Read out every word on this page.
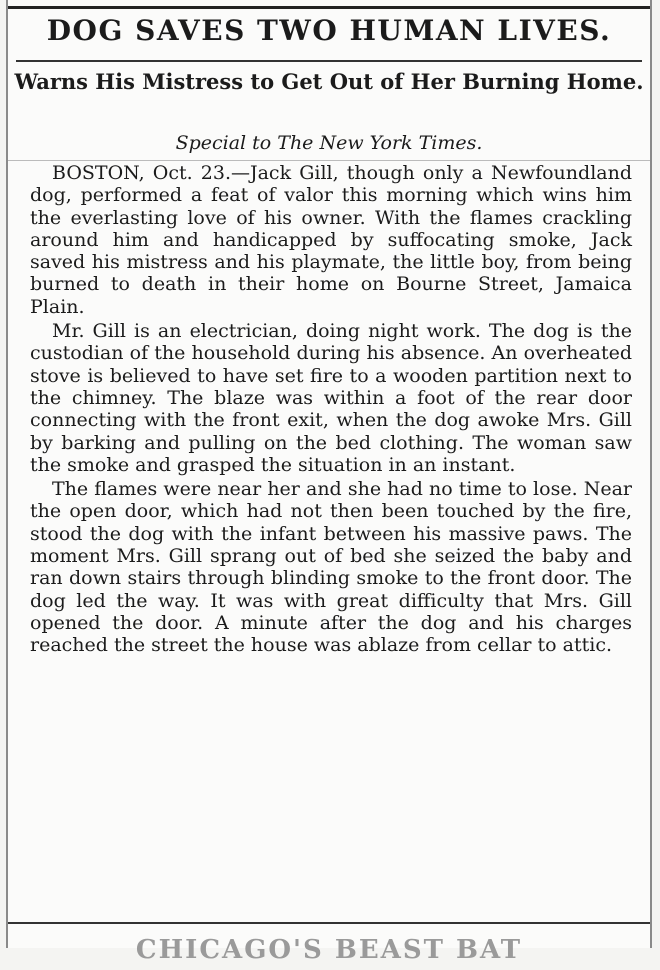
DOG SAVES TWO HUMAN LIVES.
Warns His Mistress to Get Out of Her Burning Home.
Special to The New York Times.

BOSTON, Oct. 23.—Jack Gill, though only a Newfoundland dog, performed a feat of valor this morning which wins him the everlasting love of his owner. With the flames crackling around him and handicapped by suffocating smoke, Jack saved his mistress and his playmate, the little boy, from being burned to death in their home on Bourne Street, Jamaica Plain.

Mr. Gill is an electrician, doing night work. The dog is the custodian of the household during his absence. An overheated stove is believed to have set fire to a wooden partition next to the chimney. The blaze was within a foot of the rear door connecting with the front exit, when the dog awoke Mrs. Gill by barking and pulling on the bed clothing. The woman saw the smoke and grasped the situation in an instant.

The flames were near her and she had no time to lose. Near the open door, which had not then been touched by the fire, stood the dog with the infant between his massive paws. The moment Mrs. Gill sprang out of bed she seized the baby and ran down stairs through blinding smoke to the front door. The dog led the way. It was with great difficulty that Mrs. Gill opened the door. A minute after the dog and his charges reached the street the house was ablaze from cellar to attic.

CHICAGO'S BEAST BAT
